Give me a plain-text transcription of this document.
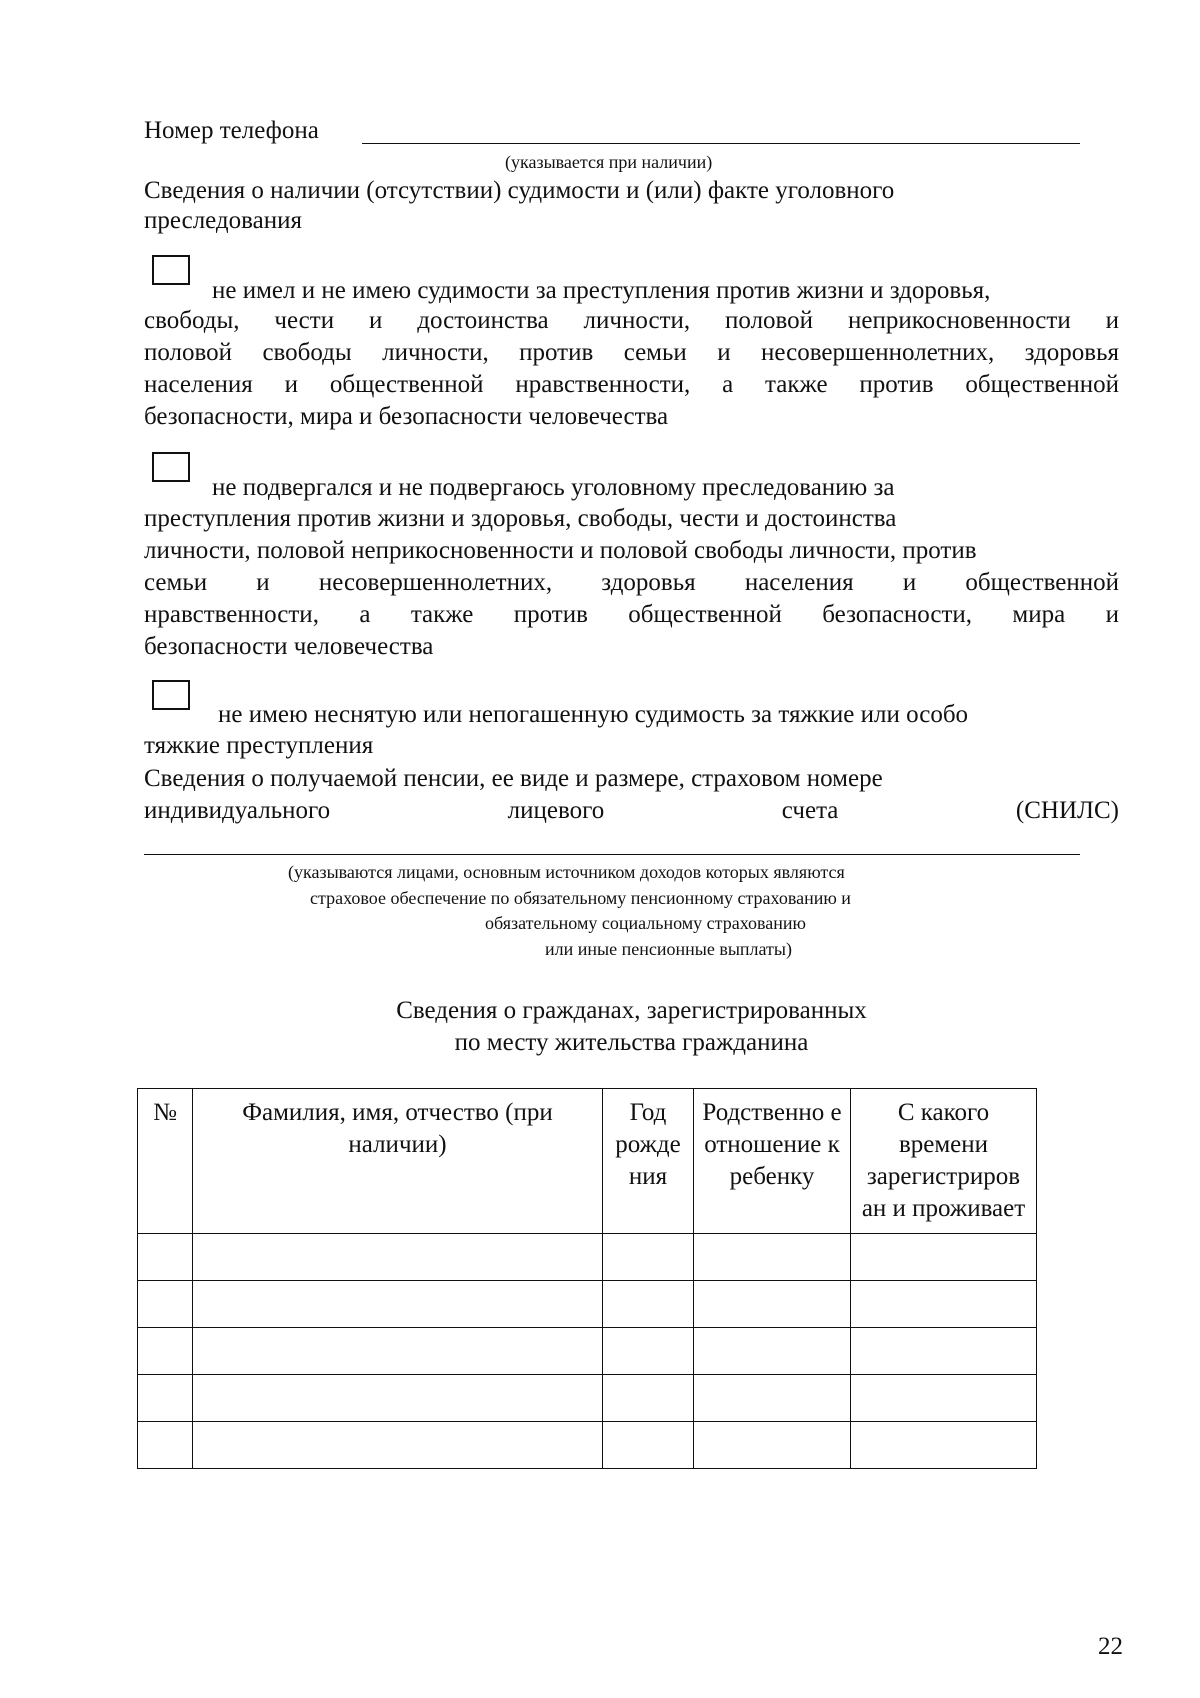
Номер телефона
(указывается при наличии)
Сведения о наличии (отсутствии) судимости и (или) факте уголовного
преследования
не имел и не имею судимости за преступления против жизни и здоровья,
свободы, чести и достоинства личности, половой неприкосновенности и
половой свободы личности, против семьи и несовершеннолетних, здоровья
населения и общественной нравственности, а также против общественной
безопасности, мира и безопасности человечества
не подвергался и не подвергаюсь уголовному преследованию за
преступления против жизни и здоровья, свободы, чести и достоинства
личности, половой неприкосновенности и половой свободы личности, против
семьи и несовершеннолетних, здоровья населения и общественной
нравственности, а также против общественной безопасности, мира и
безопасности человечества
не имею неснятую или непогашенную судимость за тяжкие или особо
тяжкие преступления
Сведения о получаемой пенсии, ее виде и размере, страховом номере
индивидуального лицевого счета (СНИЛС)
(указываются лицами, основным источником доходов которых являются
страховое обеспечение по обязательному пенсионному страхованию и
обязательному социальному страхованию
или иные пенсионные выплаты)
Сведения о гражданах, зарегистрированных
по месту жительства гражданина
№	Фамилия, имя, отчество (при наличии)	Год рожде ния	Родственно е отношение к ребенку	С какого времени зарегистриров ан и проживает

22
